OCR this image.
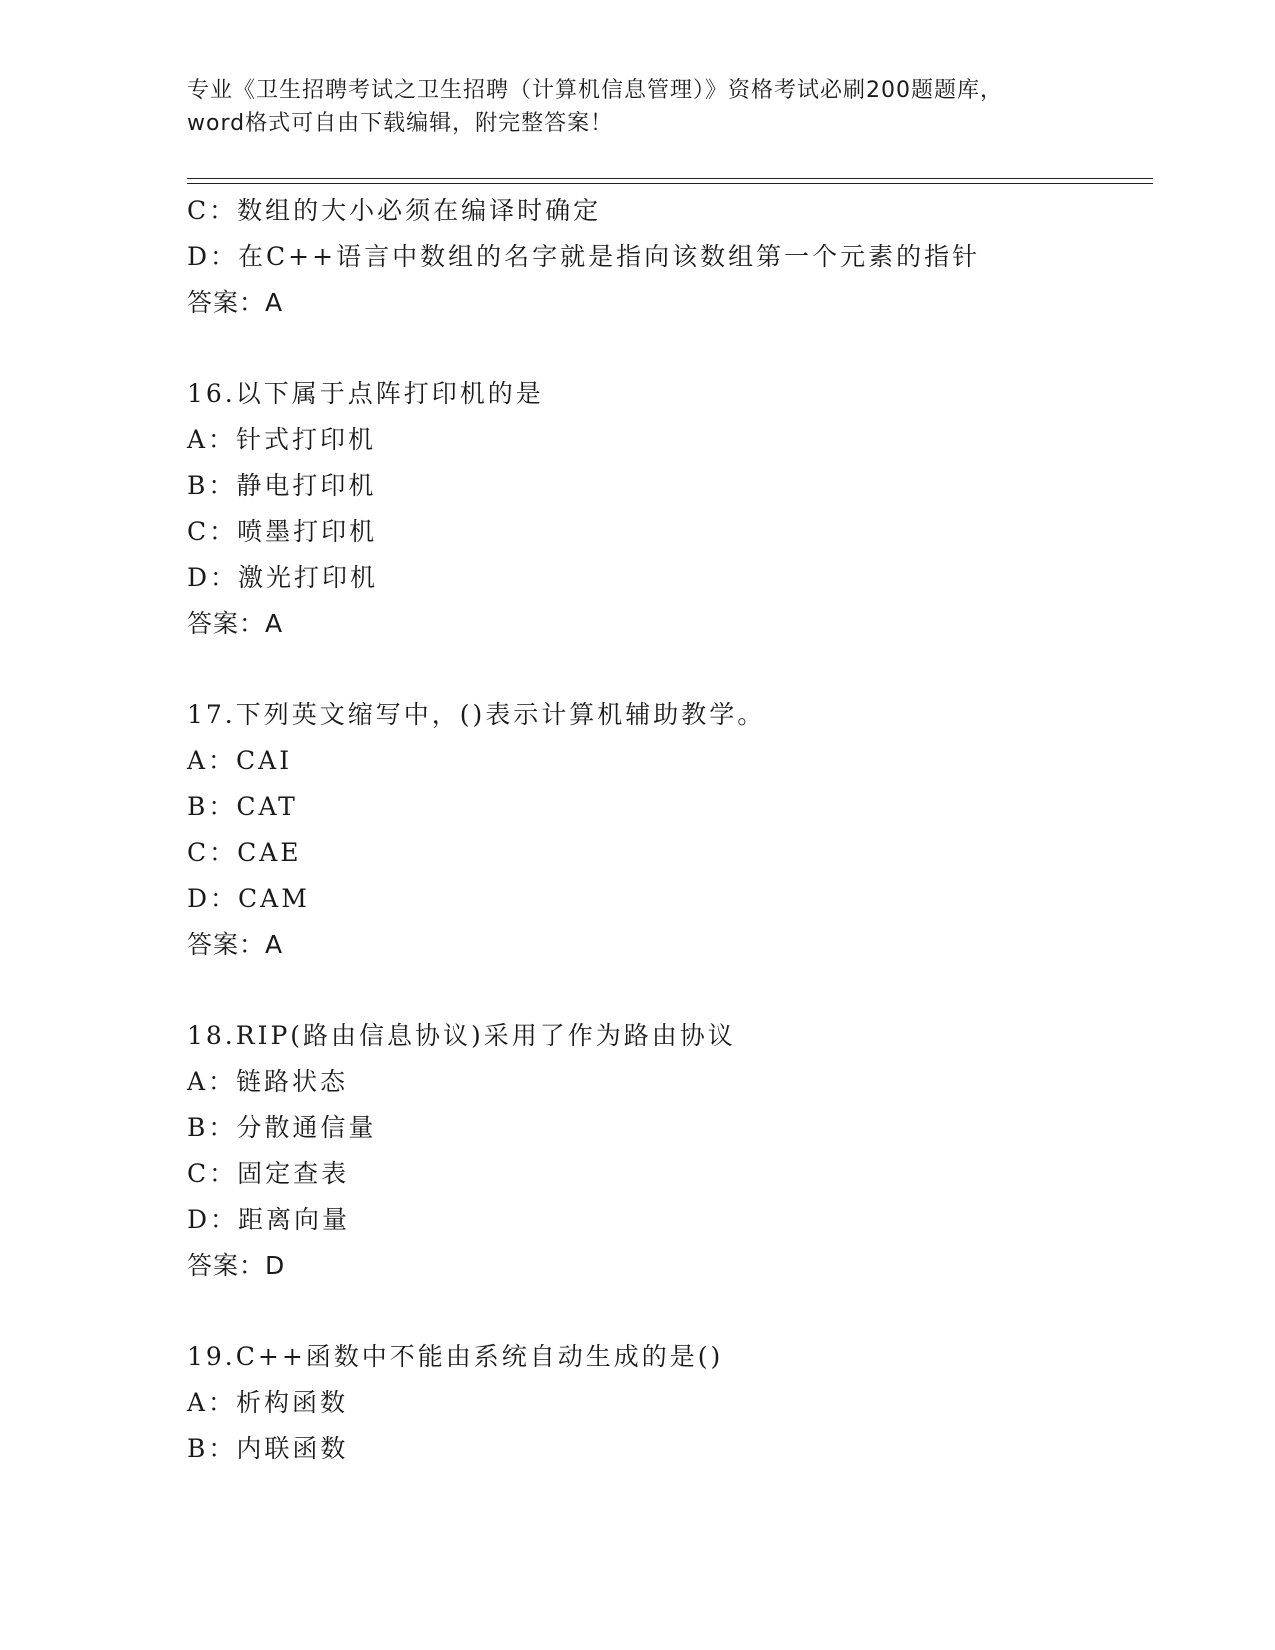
专业《卫生招聘考试之卫生招聘（计算机信息管理）》资格考试必刷200题题库，
word格式可自由下载编辑，附完整答案！
C：数组的大小必须在编译时确定
D：在C++语言中数组的名字就是指向该数组第一个元素的指针
答案：A
16.以下属于点阵打印机的是
A：针式打印机
B：静电打印机
C：喷墨打印机
D：激光打印机
答案：A
17.下列英文缩写中，()表示计算机辅助教学。
A：CAI
B：CAT
C：CAE
D：CAM
答案：A
18.RIP(路由信息协议)采用了作为路由协议
A：链路状态
B：分散通信量
C：固定查表
D：距离向量
答案：D
19.C++函数中不能由系统自动生成的是()
A：析构函数
B：内联函数
